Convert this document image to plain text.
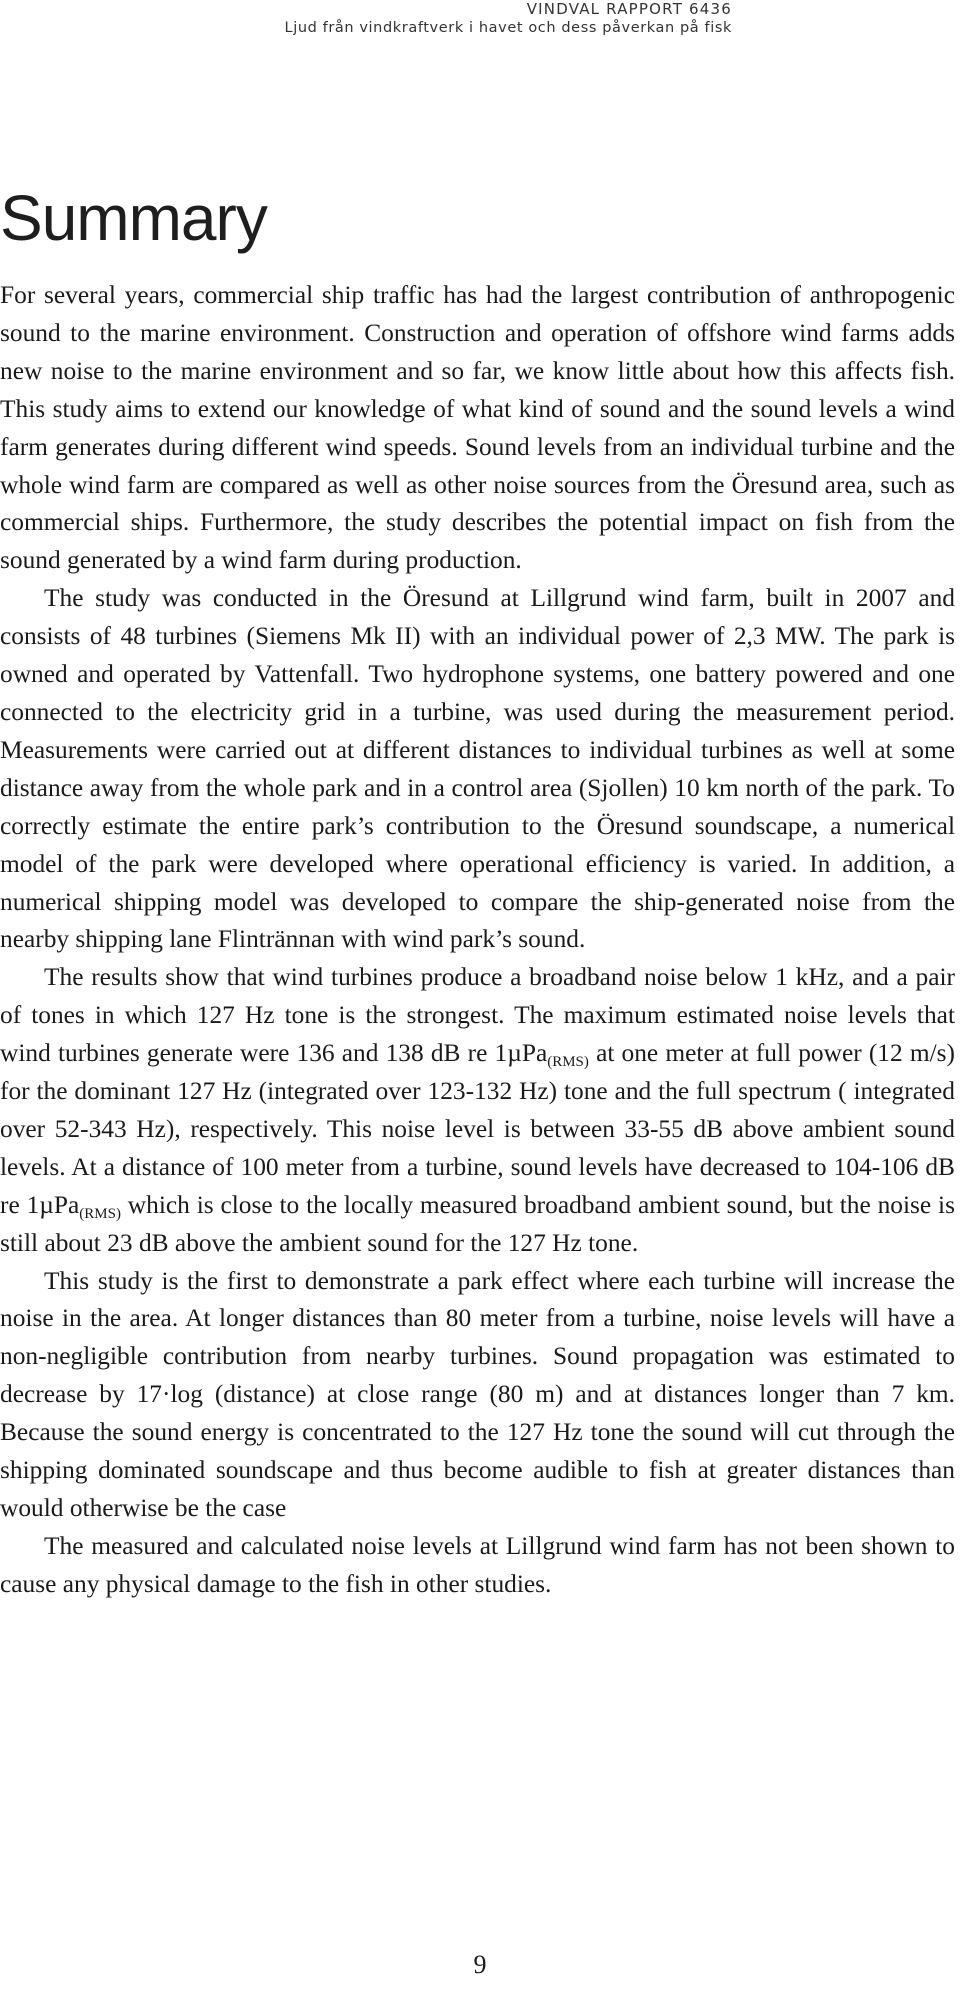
VINDVAL RAPPORT 6436
Ljud från vindkraftverk i havet och dess påverkan på fisk
Summary

For several years, commercial ship traffic has had the largest contribution of anthropogenic sound to the marine environment. Construction and operation of offshore wind farms adds new noise to the marine environment and so far, we know little about how this affects fish. This study aims to extend our knowledge of what kind of sound and the sound levels a wind farm generates during different wind speeds. Sound levels from an individual turbine and the whole wind farm are compared as well as other noise sources from the Öresund area, such as commercial ships. Furthermore, the study describes the potential impact on fish from the sound generated by a wind farm during production.

The study was conducted in the Öresund at Lillgrund wind farm, built in 2007 and consists of 48 turbines (Siemens Mk II) with an individual power of 2,3 MW. The park is owned and operated by Vattenfall. Two hydrophone systems, one battery powered and one connected to the electricity grid in a turbine, was used during the measurement period. Measurements were carried out at different distances to individual turbines as well at some distance away from the whole park and in a control area (Sjollen) 10 km north of the park. To correctly estimate the entire park’s contribution to the Öresund soundscape, a numerical model of the park were developed where operational efficiency is varied. In addition, a numerical shipping model was developed to compare the ship-generated noise from the nearby shipping lane Flintrännan with wind park’s sound.

The results show that wind turbines produce a broadband noise below 1 kHz, and a pair of tones in which 127 Hz tone is the strongest. The maximum estimated noise levels that wind turbines generate were 136 and 138 dB re 1µPa$_{(RMS)}$ at one meter at full power (12 m/s) for the dominant 127 Hz (integrated over 123-132 Hz) tone and the full spectrum ( integrated over 52-343 Hz), respectively. This noise level is between 33-55 dB above ambient sound levels. At a distance of 100 meter from a turbine, sound levels have decreased to 104-106 dB re 1µPa$_{(RMS)}$ which is close to the locally measured broadband ambient sound, but the noise is still about 23 dB above the ambient sound for the 127 Hz tone.

This study is the first to demonstrate a park effect where each turbine will increase the noise in the area. At longer distances than 80 meter from a turbine, noise levels will have a non-negligible contribution from nearby turbines. Sound propagation was estimated to decrease by 17·log (distance) at close range (80 m) and at distances longer than 7 km. Because the sound energy is concentrated to the 127 Hz tone the sound will cut through the shipping dominated soundscape and thus become audible to fish at greater distances than would otherwise be the case

The measured and calculated noise levels at Lillgrund wind farm has not been shown to cause any physical damage to the fish in other studies.

9
